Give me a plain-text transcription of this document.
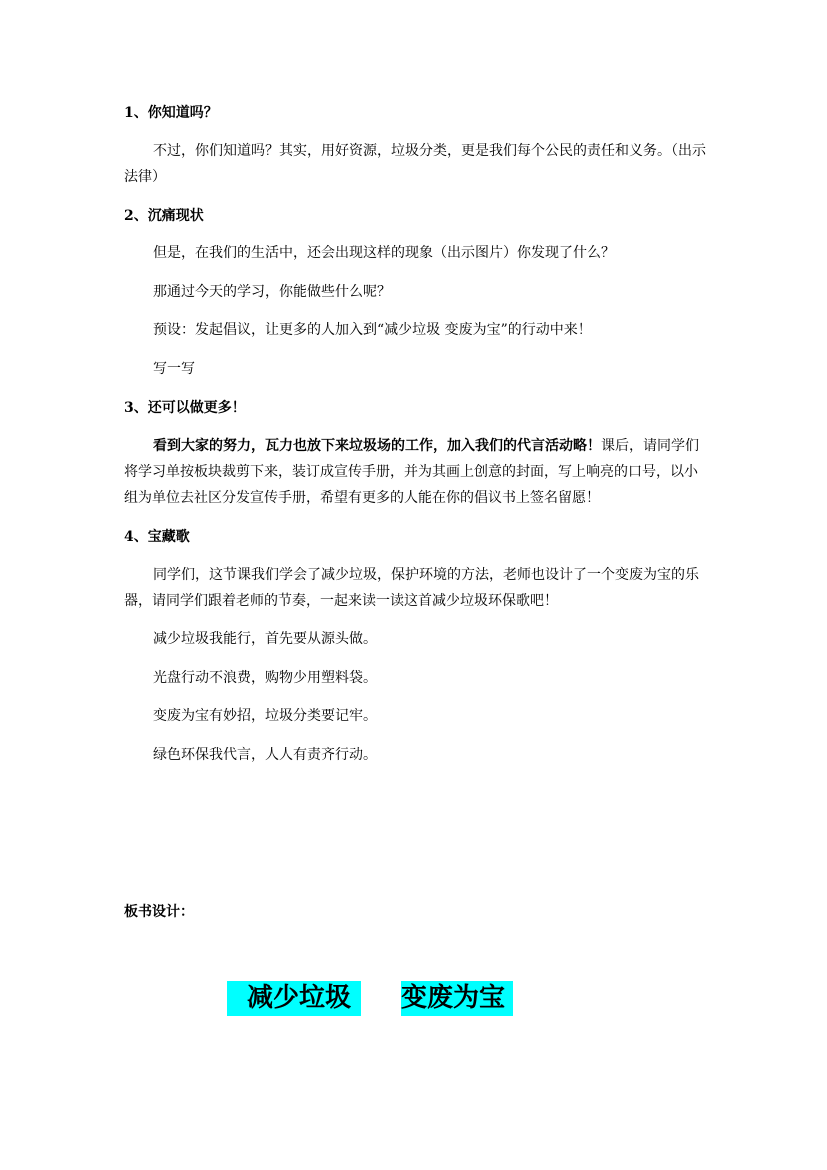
1、你知道吗？
不过，你们知道吗？其实，用好资源，垃圾分类，更是我们每个公民的责任和义务。（出示法律）
2、沉痛现状
但是，在我们的生活中，还会出现这样的现象（出示图片）你发现了什么？
那通过今天的学习，你能做些什么呢？
预设：发起倡议，让更多的人加入到“减少垃圾 变废为宝”的行动中来！
写一写
3、还可以做更多！
看到大家的努力，瓦力也放下来垃圾场的工作，加入我们的代言活动略！课后，请同学们将学习单按板块裁剪下来，装订成宣传手册，并为其画上创意的封面，写上响亮的口号，以小组为单位去社区分发宣传手册，希望有更多的人能在你的倡议书上签名留愿！
4、宝藏歌
同学们，这节课我们学会了减少垃圾，保护环境的方法，老师也设计了一个变废为宝的乐器，请同学们跟着老师的节奏，一起来读一读这首减少垃圾环保歌吧！
减少垃圾我能行，首先要从源头做。
光盘行动不浪费，购物少用塑料袋。
变废为宝有妙招，垃圾分类要记牢。
绿色环保我代言，人人有责齐行动。
板书设计：
减少垃圾	变废为宝
